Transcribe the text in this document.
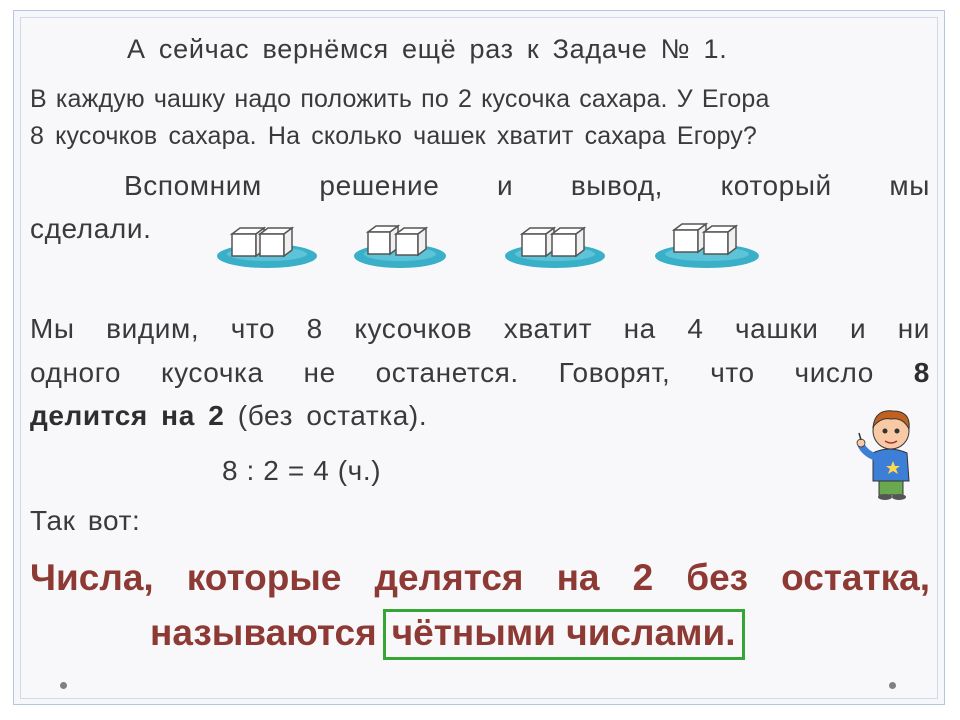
А сейчас вернёмся ещё раз к Задаче № 1.
В каждую чашку надо положить по 2 кусочка сахара. У Егора
8 кусочков сахара. На сколько чашек хватит сахара Егору?
Вспомним решение и вывод, который мы
сделали.
Мы видим, что 8 кусочков хватит на 4 чашки и ни
одного кусочка не останется. Говорят, что число 8
делится на 2 (без остатка).
8 : 2 = 4 (ч.)
Так вот:
Числа, которые делятся на 2 без остатка,
называются чётными числами.
